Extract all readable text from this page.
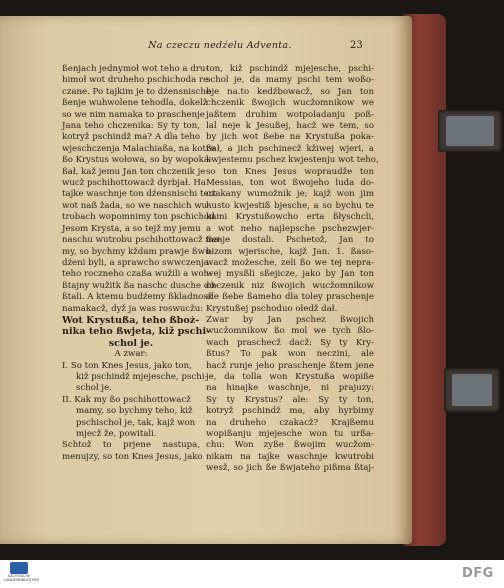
Na czeczu nedźelu Adventa.	23
ßenjach jednymoł wot teho a dru-
himoł wot druheho pschichoda re-
czane. Po tajkim je to dźensnische
ßenje wuhwolene tehodla, dokelž
so we nim namaka to praschenje
Jana teho chczenika: Sy ty ton,
kotryž pschindž ma? A dla teho
wjeschczenja Malachiaßa, na kotre
ßo Krystus wołowa, so by wopoka-
ßał, kaž jemu Jan ton chczenik je
wucž pschihottowacž dyrbjał. Ha
tajke waschnje ton dźensnischi tert
wot naß žada, so we naschich wu-
trobach wopomnimy ton pschichod
Jesom Krysta, a so tejž my jemu
naschu wutrobu pschihottowacž ma-
my, so bychmy kždam prawje ßwu-
dźeni byli, a sprawcho swwczenja
teho roczneho czaßa wužili a woh-
ßtajny wužitk ßa naschc dusche do-
ßtali. A ktemu budźemy ßkladnosž
namakacž, dyž ja was roswucžu:
Wot Krystußa, teho ßboż-
nika teho ßwjeta, kiž pschi-
schol je.
A zwar:
I. So ton Knes Jesus, jako ton,
kiž pschindž mjejesche, pschi-
schol je.
II. Kak my ßo pschihottowacž
mamy, so bychmy teho, kiž
pschischol je, tak, kajž won
mjecž že, powitali.
Schtož to prjene nastupa,
menujzy, so ton Knes Jesus, jako
ton, kiž pschindž mjejesche, pschi-
schol je, da mamy pschi tem woßo-
bje na.to kedźbowacž, so Jan ton
chczenik ßwojich wucžomnikow we
jaßtem druhim wotpoladanju poß-
lal neje k Jesußej, hacž we tem, so
by jich wot ßebe na Krystußa poka-
ßał, a jich pschinecž kžiwej wjeri, a
kwjestemu pschez kwjestenju wot teho,
so ton Knes Jesus wopraudže ton
Messias, ton wot ßwojeho luda do-
czakany wumožnik je; kajž won jim
husto kwjestiß bjesche, a so bychu te
kami Krystußowcho erta ßłyschcli,
a wot neho najlepsche pschezwjer-
ßenje dostali. Pschetož, Jan to
hizom wjerische, kajž Jan. 1. ßaso-
wacž možesche, zeli ßo we tej nepra-
wej mysßli sßejicze, jako by Jan ton
chczenik niz ßwojich wucžomnikow
ale ßebe ßameho dla toley praschenje
Krystußej pschoduo ołedž dał.
Zwar by Jan pschez ßwojich
wucžomnikow ßo mol we tych ßlo-
wach praschecž dacž: Sy ty Kry-
ßtus? To pak won neczini, ale
hacž runje jeho praschenje ßtem jene
je, da tolla won Krystußa wopiße
na hinajke waschnje, ni prajuzy:
Sy ty Krystus? ale: Sy ty ton,
kotryž pschindž ma, aby hyrbimy
na druheho czakacž? Krajßemu
wopißanju mjejesche won tu urßa-
chu: Won zyße ßwojim wucžom-
nikam na tajke waschnje kwutrobi
wesž, so jich ße ßwjateho pißma ßtaj-
SÄCHSISCHE LANDESBIBLIOTHEK	DFG
